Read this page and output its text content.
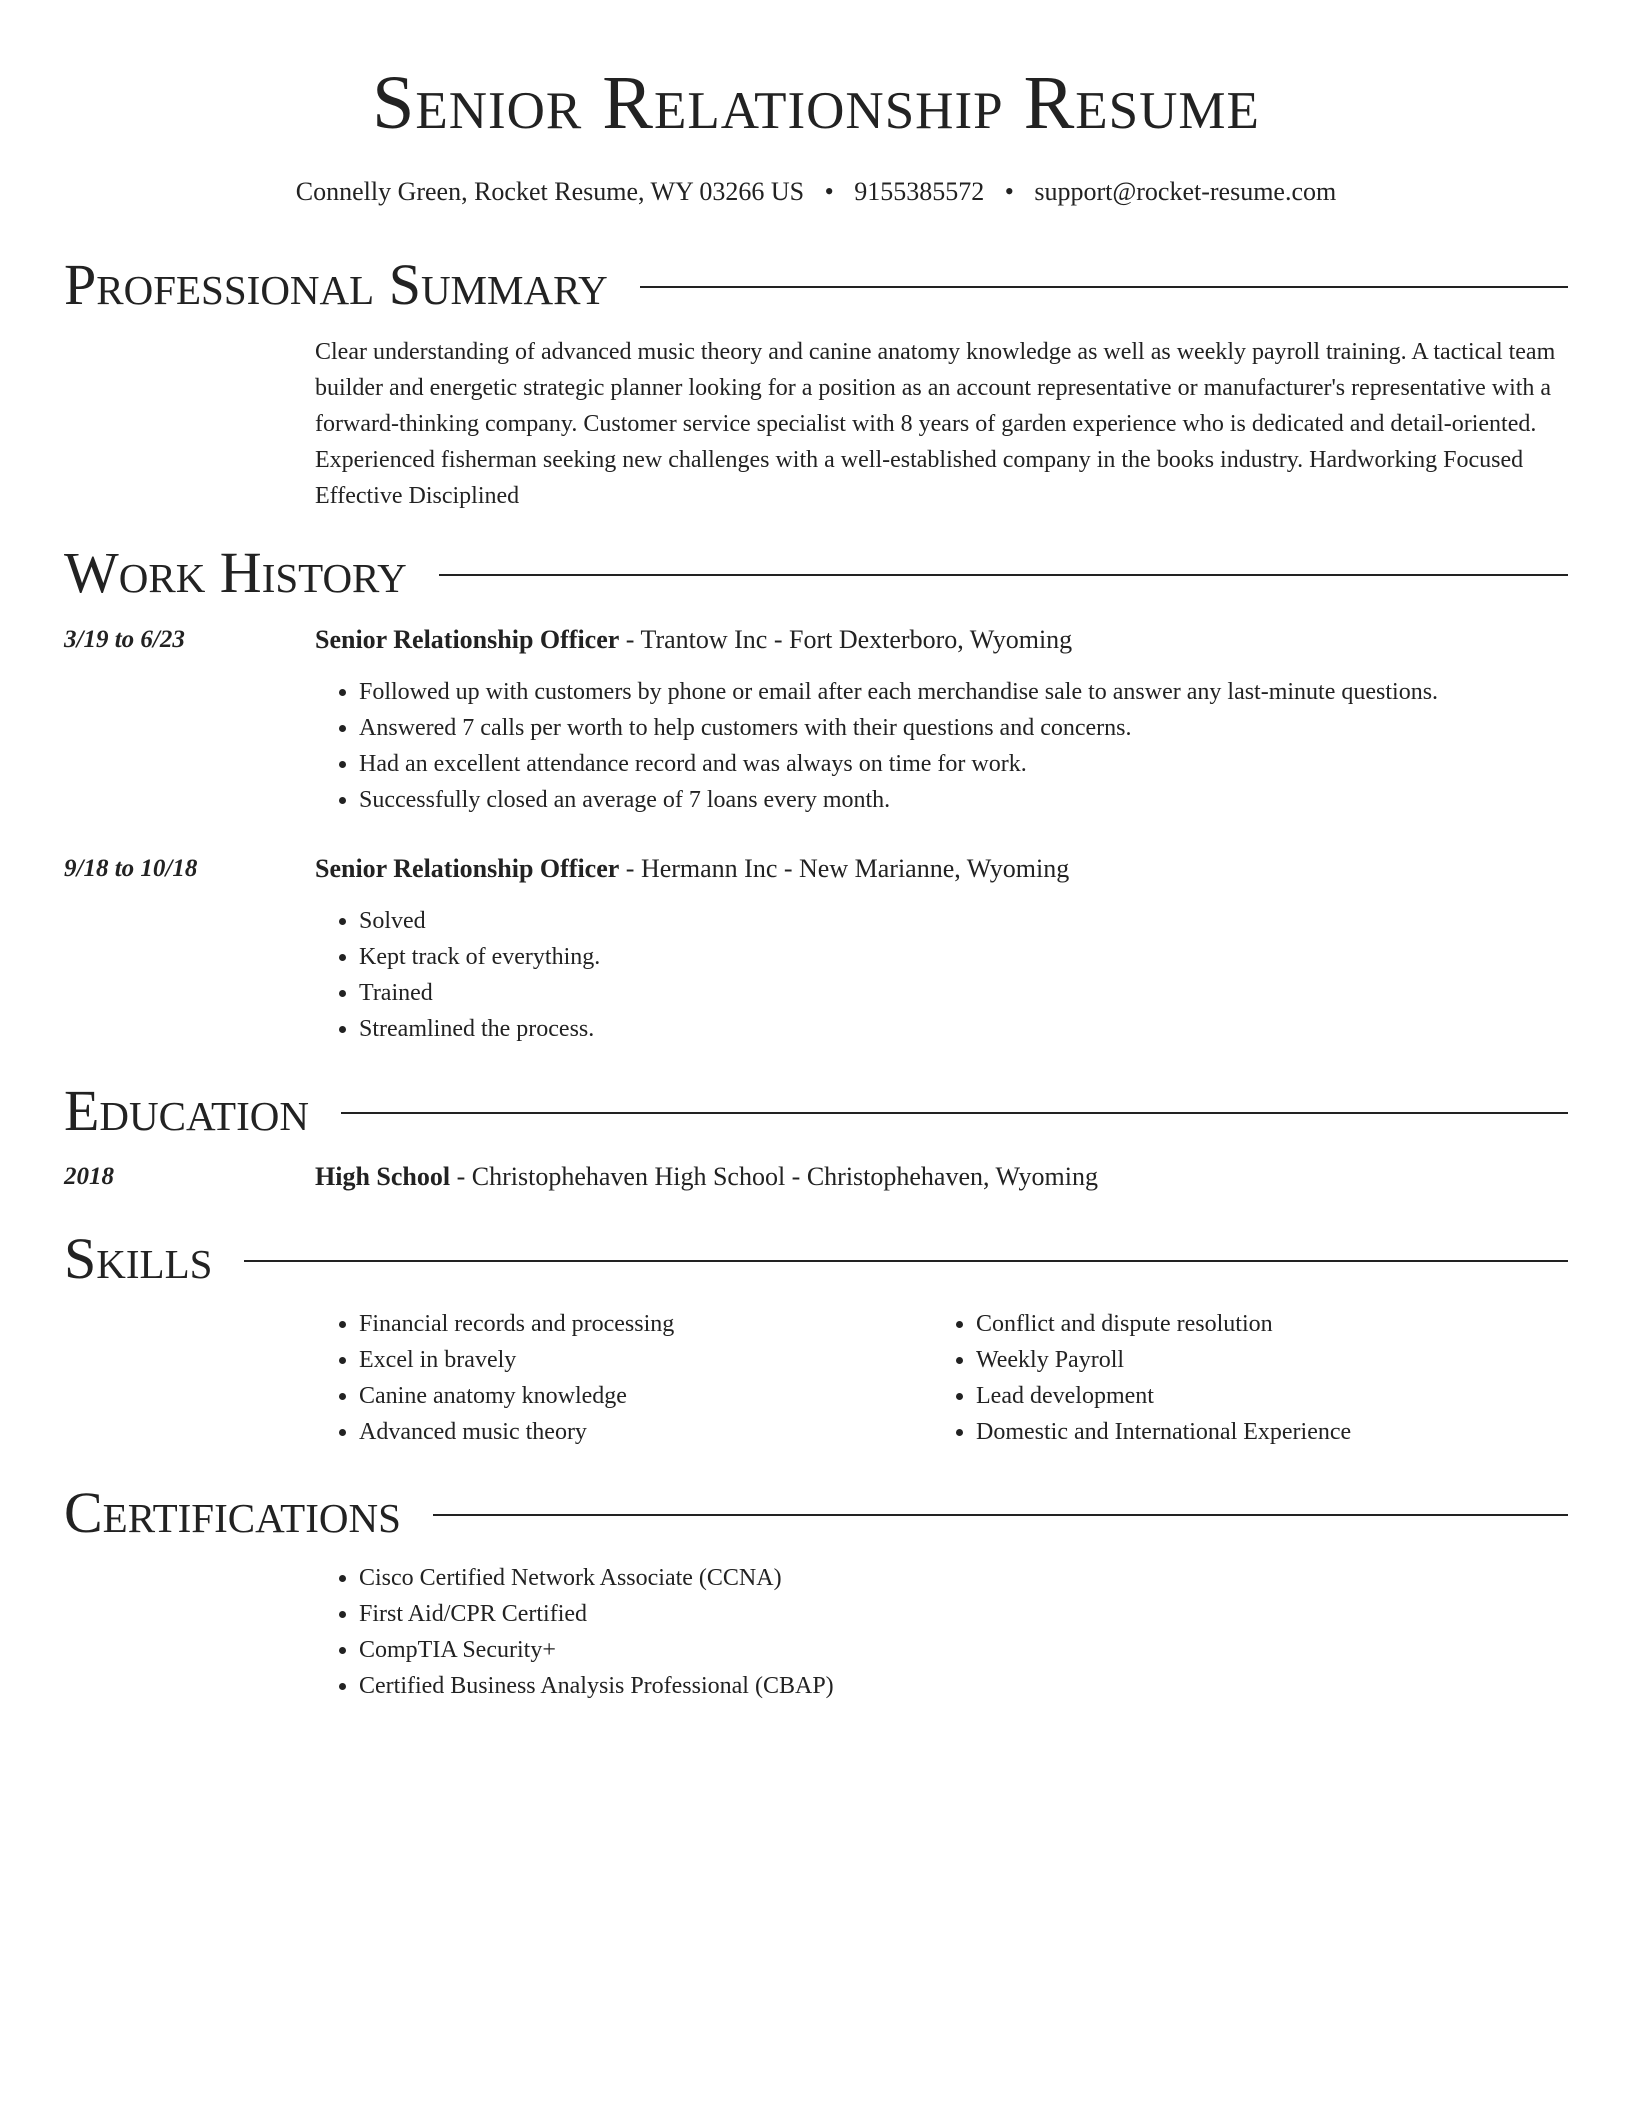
Senior Relationship Resume
Connelly Green, Rocket Resume, WY 03266 US • 9155385572 • support@rocket-resume.com
Professional Summary

Clear understanding of advanced music theory and canine anatomy knowledge as well as weekly payroll training. A tactical team builder and energetic strategic planner looking for a position as an account representative or manufacturer's representative with a forward-thinking company. Customer service specialist with 8 years of garden experience who is dedicated and detail-oriented. Experienced fisherman seeking new challenges with a well-established company in the books industry. Hardworking Focused Effective Disciplined

Work History
3/19 to 6/23	Senior Relationship Officer - Trantow Inc - Fort Dexterboro, Wyoming
• Followed up with customers by phone or email after each merchandise sale to answer any last-minute questions.
• Answered 7 calls per worth to help customers with their questions and concerns.
• Had an excellent attendance record and was always on time for work.
• Successfully closed an average of 7 loans every month.
9/18 to 10/18	Senior Relationship Officer - Hermann Inc - New Marianne, Wyoming
• Solved
• Kept track of everything.
• Trained
• Streamlined the process.
Education
2018	High School - Christophehaven High School - Christophehaven, Wyoming
Skills
• Financial records and processing
• Excel in bravely
• Canine anatomy knowledge
• Advanced music theory
• Conflict and dispute resolution
• Weekly Payroll
• Lead development
• Domestic and International Experience
Certifications
• Cisco Certified Network Associate (CCNA)
• First Aid/CPR Certified
• CompTIA Security+
• Certified Business Analysis Professional (CBAP)
